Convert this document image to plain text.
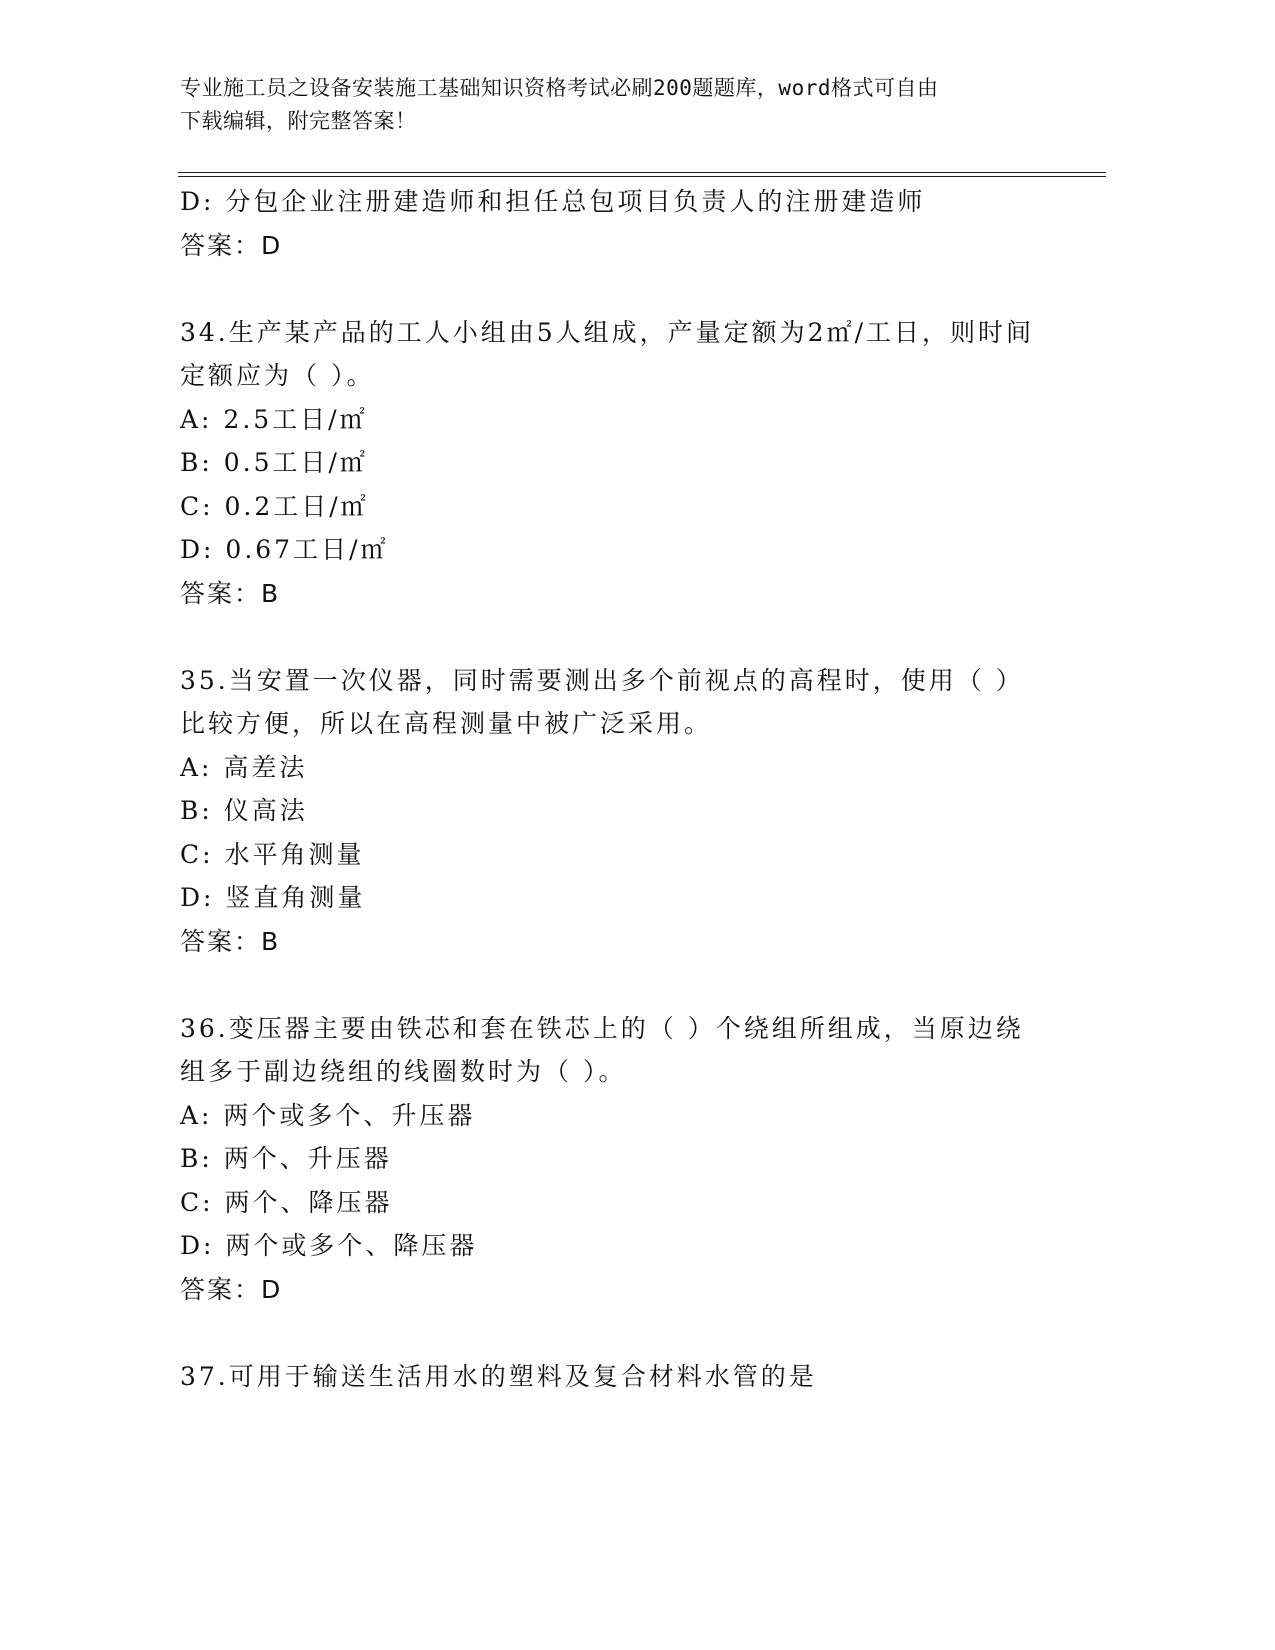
专业施工员之设备安装施工基础知识资格考试必刷200题题库，word格式可自由

下载编辑，附完整答案！

D: 分包企业注册建造师和担任总包项目负责人的注册建造师
答案：D
34.生产某产品的工人小组由5人组成，产量定额为2㎡/工日，则时间
定额应为（ ）。
A: 2.5工日/㎡
B: 0.5工日/㎡
C: 0.2工日/㎡
D: 0.67工日/㎡
答案：B
35.当安置一次仪器，同时需要测出多个前视点的高程时，使用（ ）
比较方便，所以在高程测量中被广泛采用。
A: 高差法
B: 仪高法
C: 水平角测量
D: 竖直角测量
答案：B
36.变压器主要由铁芯和套在铁芯上的（ ）个绕组所组成，当原边绕
组多于副边绕组的线圈数时为（ ）。
A: 两个或多个、升压器
B: 两个、升压器
C: 两个、降压器
D: 两个或多个、降压器
答案：D
37.可用于输送生活用水的塑料及复合材料水管的是
